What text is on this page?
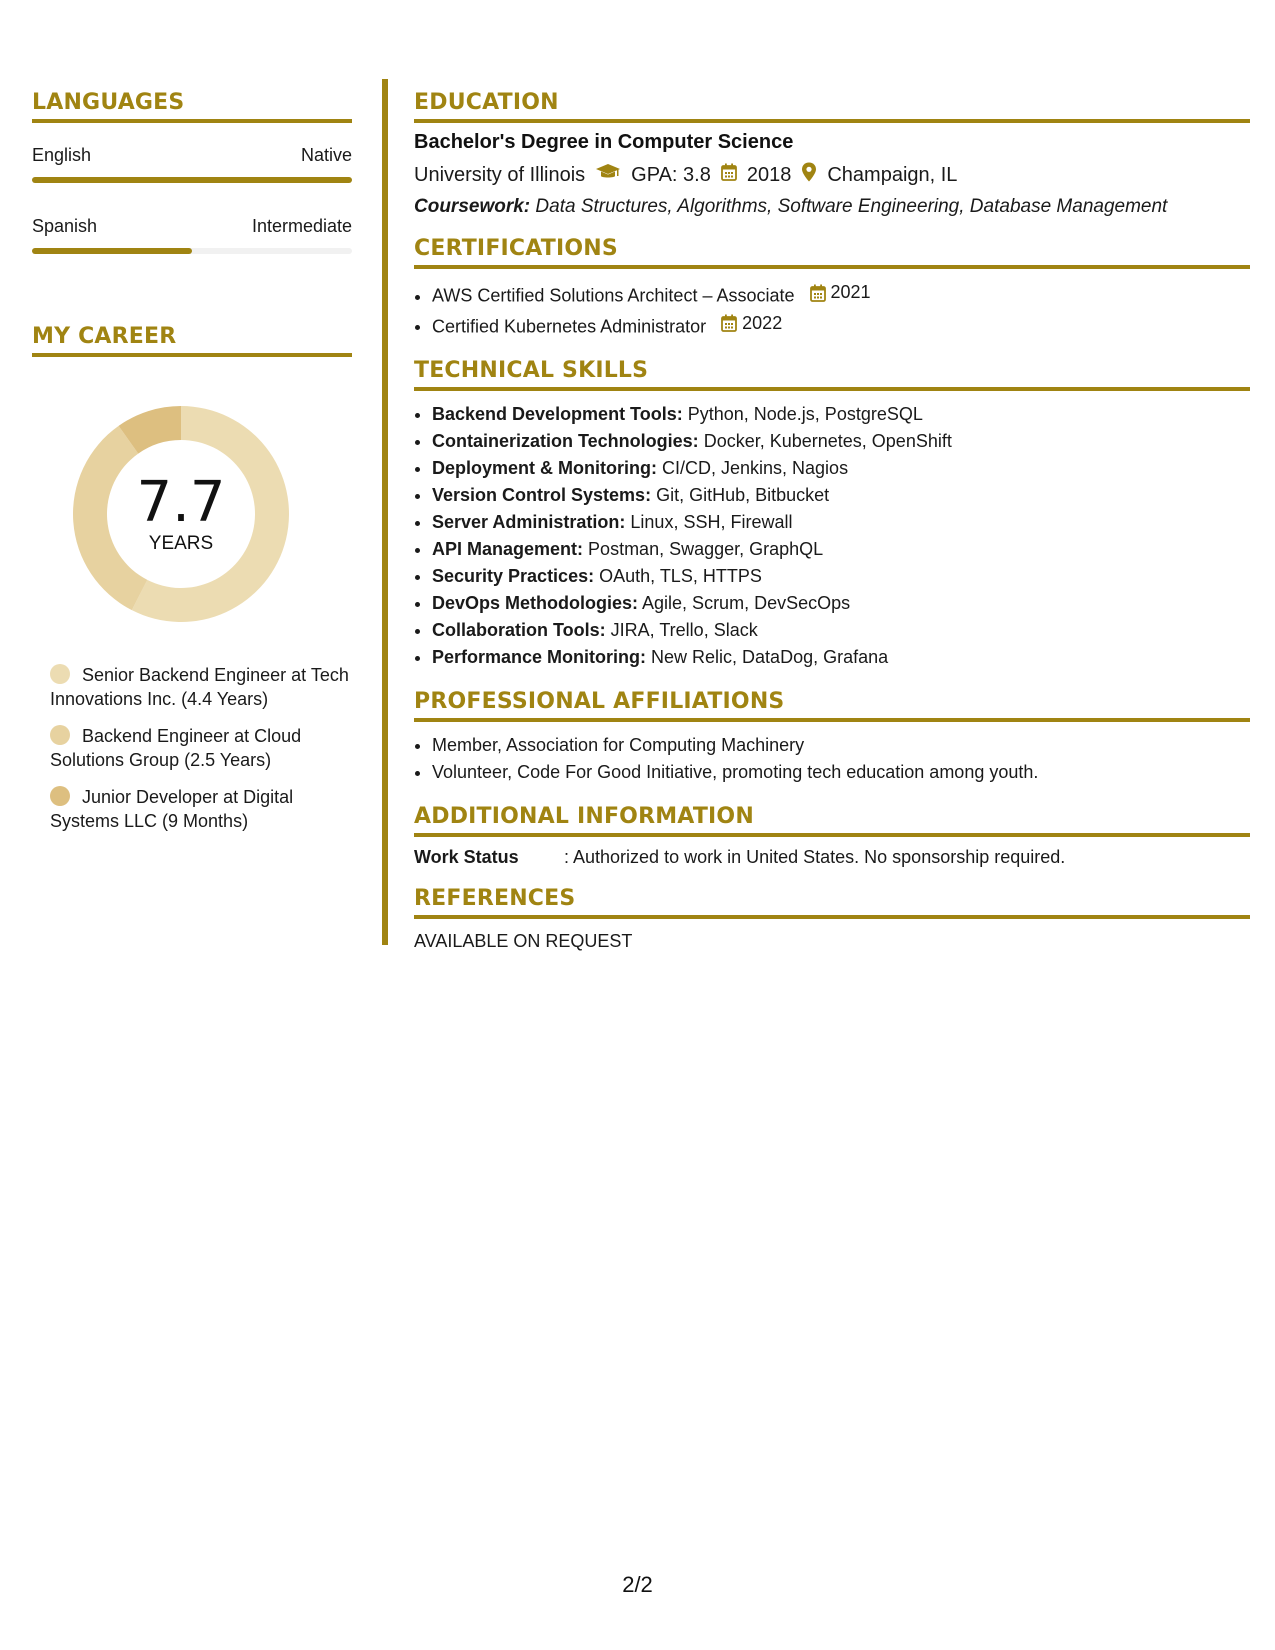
LANGUAGES
English	Native
Spanish	Intermediate
MY CAREER
7.7
YEARS
Senior Backend Engineer at Tech Innovations Inc. (4.4 Years)
Backend Engineer at Cloud Solutions Group (2.5 Years)
Junior Developer at Digital Systems LLC (9 Months)
EDUCATION
Bachelor's Degree in Computer Science
University of Illinois GPA: 3.8 2018 Champaign, IL
Coursework: Data Structures, Algorithms, Software Engineering, Database Management
CERTIFICATIONS
• AWS Certified Solutions Architect – Associate 2021
• Certified Kubernetes Administrator 2022
TECHNICAL SKILLS
• Backend Development Tools: Python, Node.js, PostgreSQL
• Containerization Technologies: Docker, Kubernetes, OpenShift
• Deployment & Monitoring: CI/CD, Jenkins, Nagios
• Version Control Systems: Git, GitHub, Bitbucket
• Server Administration: Linux, SSH, Firewall
• API Management: Postman, Swagger, GraphQL
• Security Practices: OAuth, TLS, HTTPS
• DevOps Methodologies: Agile, Scrum, DevSecOps
• Collaboration Tools: JIRA, Trello, Slack
• Performance Monitoring: New Relic, DataDog, Grafana
PROFESSIONAL AFFILIATIONS
• Member, Association for Computing Machinery
• Volunteer, Code For Good Initiative, promoting tech education among youth.
ADDITIONAL INFORMATION
Work Status	: Authorized to work in United States. No sponsorship required.
REFERENCES
AVAILABLE ON REQUEST
2/2
